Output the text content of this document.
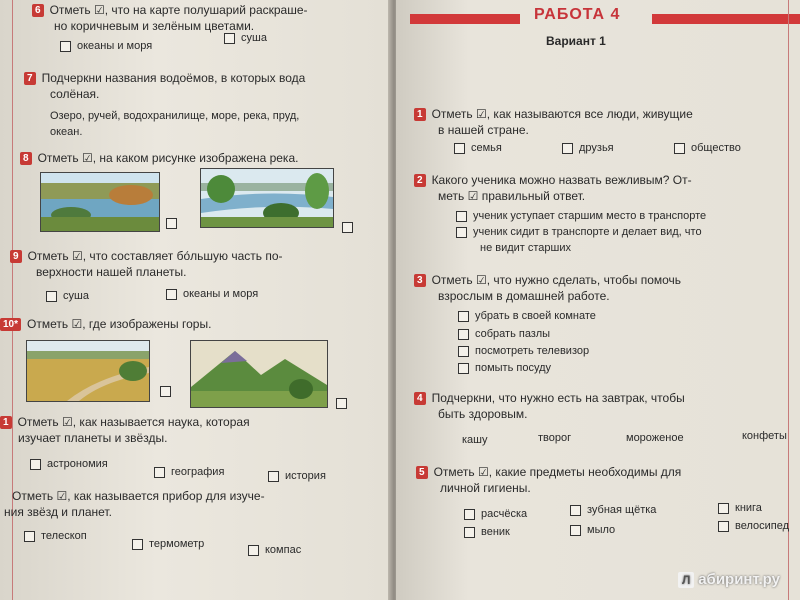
6 Отметь ☑, что на карте полушарий раскраше-
но коричневым и зелёным цветами.
океаны и моря
суша
7 Подчеркни названия водоёмов, в которых вода
солёная.
Озеро, ручей, водохранилище, море, река, пруд,
океан.
8 Отметь ☑, на каком рисунке изображена река.
9 Отметь ☑, что составляет бо́льшую часть по-
верхности нашей планеты.
суша	океаны и моря
10* Отметь ☑, где изображены горы.
1 Отметь ☑, как называется наука, которая
изучает планеты и звёзды.
астрономия
география	история
Отметь ☑, как называется прибор для изуче-
ния звёзд и планет.
телескоп
термометр	компас
РАБОТА 4
Вариант 1
1 Отметь ☑, как называются все люди, живущие
в нашей стране.
семья	друзья	общество
2 Какого ученика можно назвать вежливым? От-
меть ☑ правильный ответ.
ученик уступает старшим место в транспорте
ученик сидит в транспорте и делает вид, что
не видит старших
3 Отметь ☑, что нужно сделать, чтобы помочь
взрослым в домашней работе.
убрать в своей комнате
собрать пазлы
посмотреть телевизор
помыть посуду
4 Подчеркни, что нужно есть на завтрак, чтобы
быть здоровым.
кашу	творог	мороженое	конфеты
5 Отметь ☑, какие предметы необходимы для
личной гигиены.
расчёска	зубная щётка	книга
веник	мыло	велосипед
Л абиринт.ру
